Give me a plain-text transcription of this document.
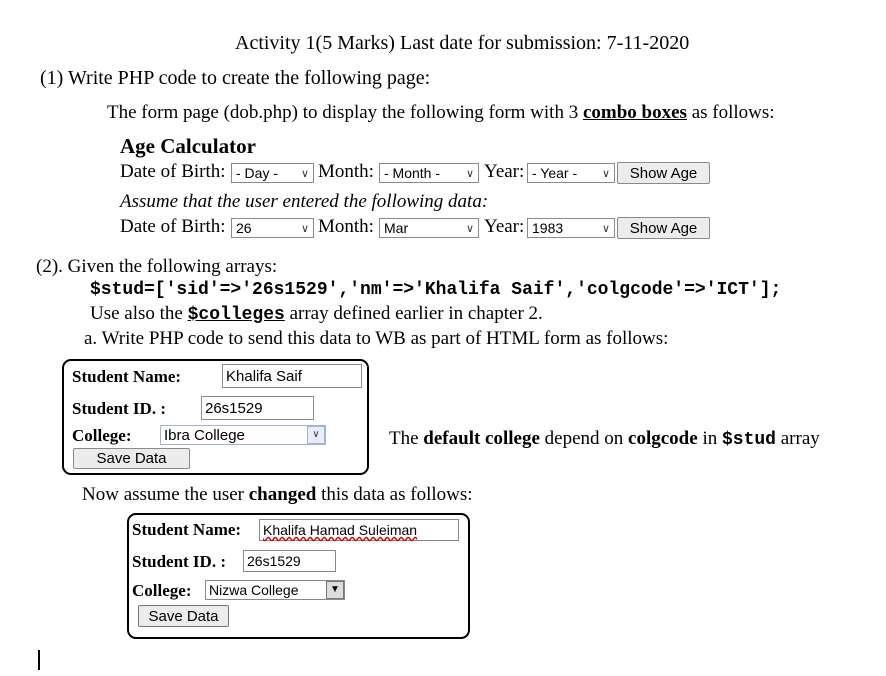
Activity 1(5 Marks) Last date for submission: 7-11-2020
(1) Write PHP code to create the following page:
The form page (dob.php) to display the following form with 3 combo boxes as follows:
Age Calculator
Date of Birth: - Day -	∨ Month: - Month -	∨ Year: - Year -	∨	Show Age
Assume that the user entered the following data:
Date of Birth: 26	∨ Month: Mar	∨ Year: 1983	∨	Show Age
(2). Given the following arrays:
$stud=['sid'=>'26s1529','nm'=>'Khalifa Saif','colgcode'=>'ICT'];
Use also the $colleges array defined earlier in chapter 2.
a. Write PHP code to send this data to WB as part of HTML form as follows:
Student Name:	Khalifa Saif
Student ID. :	26s1529
College: Ibra College	∨
Save Data
The default college depend on colgcode in $stud array
Now assume the user changed this data as follows:
Student Name: Khalifa Hamad Suleiman
Student ID. : 26s1529
College: Nizwa College	▼
Save Data
